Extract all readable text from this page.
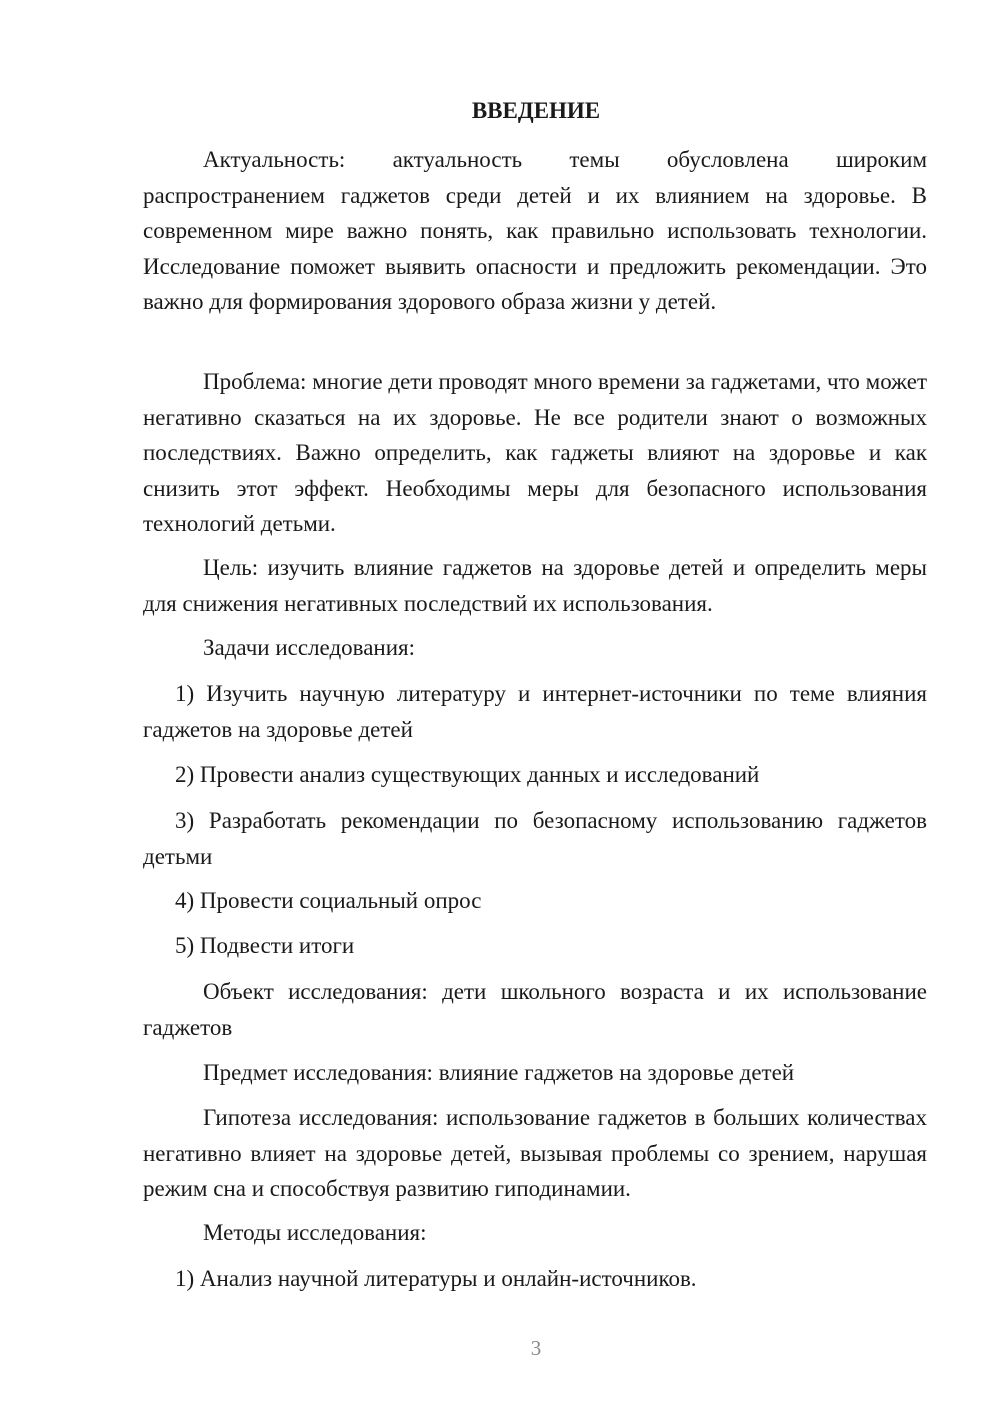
ВВЕДЕНИЕ

Актуальность: актуальность темы обусловлена широким распространением гаджетов среди детей и их влиянием на здоровье. В современном мире важно понять, как правильно использовать технологии. Исследование поможет выявить опасности и предложить рекомендации. Это важно для формирования здорового образа жизни у детей.

Проблема: многие дети проводят много времени за гаджетами, что может негативно сказаться на их здоровье. Не все родители знают о возможных последствиях. Важно определить, как гаджеты влияют на здоровье и как снизить этот эффект. Необходимы меры для безопасного использования технологий детьми.

Цель: изучить влияние гаджетов на здоровье детей и определить меры для снижения негативных последствий их использования.

Задачи исследования:

1) Изучить научную литературу и интернет-источники по теме влияния гаджетов на здоровье детей

2) Провести анализ существующих данных и исследований

3) Разработать рекомендации по безопасному использованию гаджетов детьми

4) Провести социальный опрос

5) Подвести итоги

Объект исследования: дети школьного возраста и их использование гаджетов

Предмет исследования: влияние гаджетов на здоровье детей

Гипотеза исследования: использование гаджетов в больших количествах негативно влияет на здоровье детей, вызывая проблемы со зрением, нарушая режим сна и способствуя развитию гиподинамии.

Методы исследования:

1) Анализ научной литературы и онлайн-источников.

3
